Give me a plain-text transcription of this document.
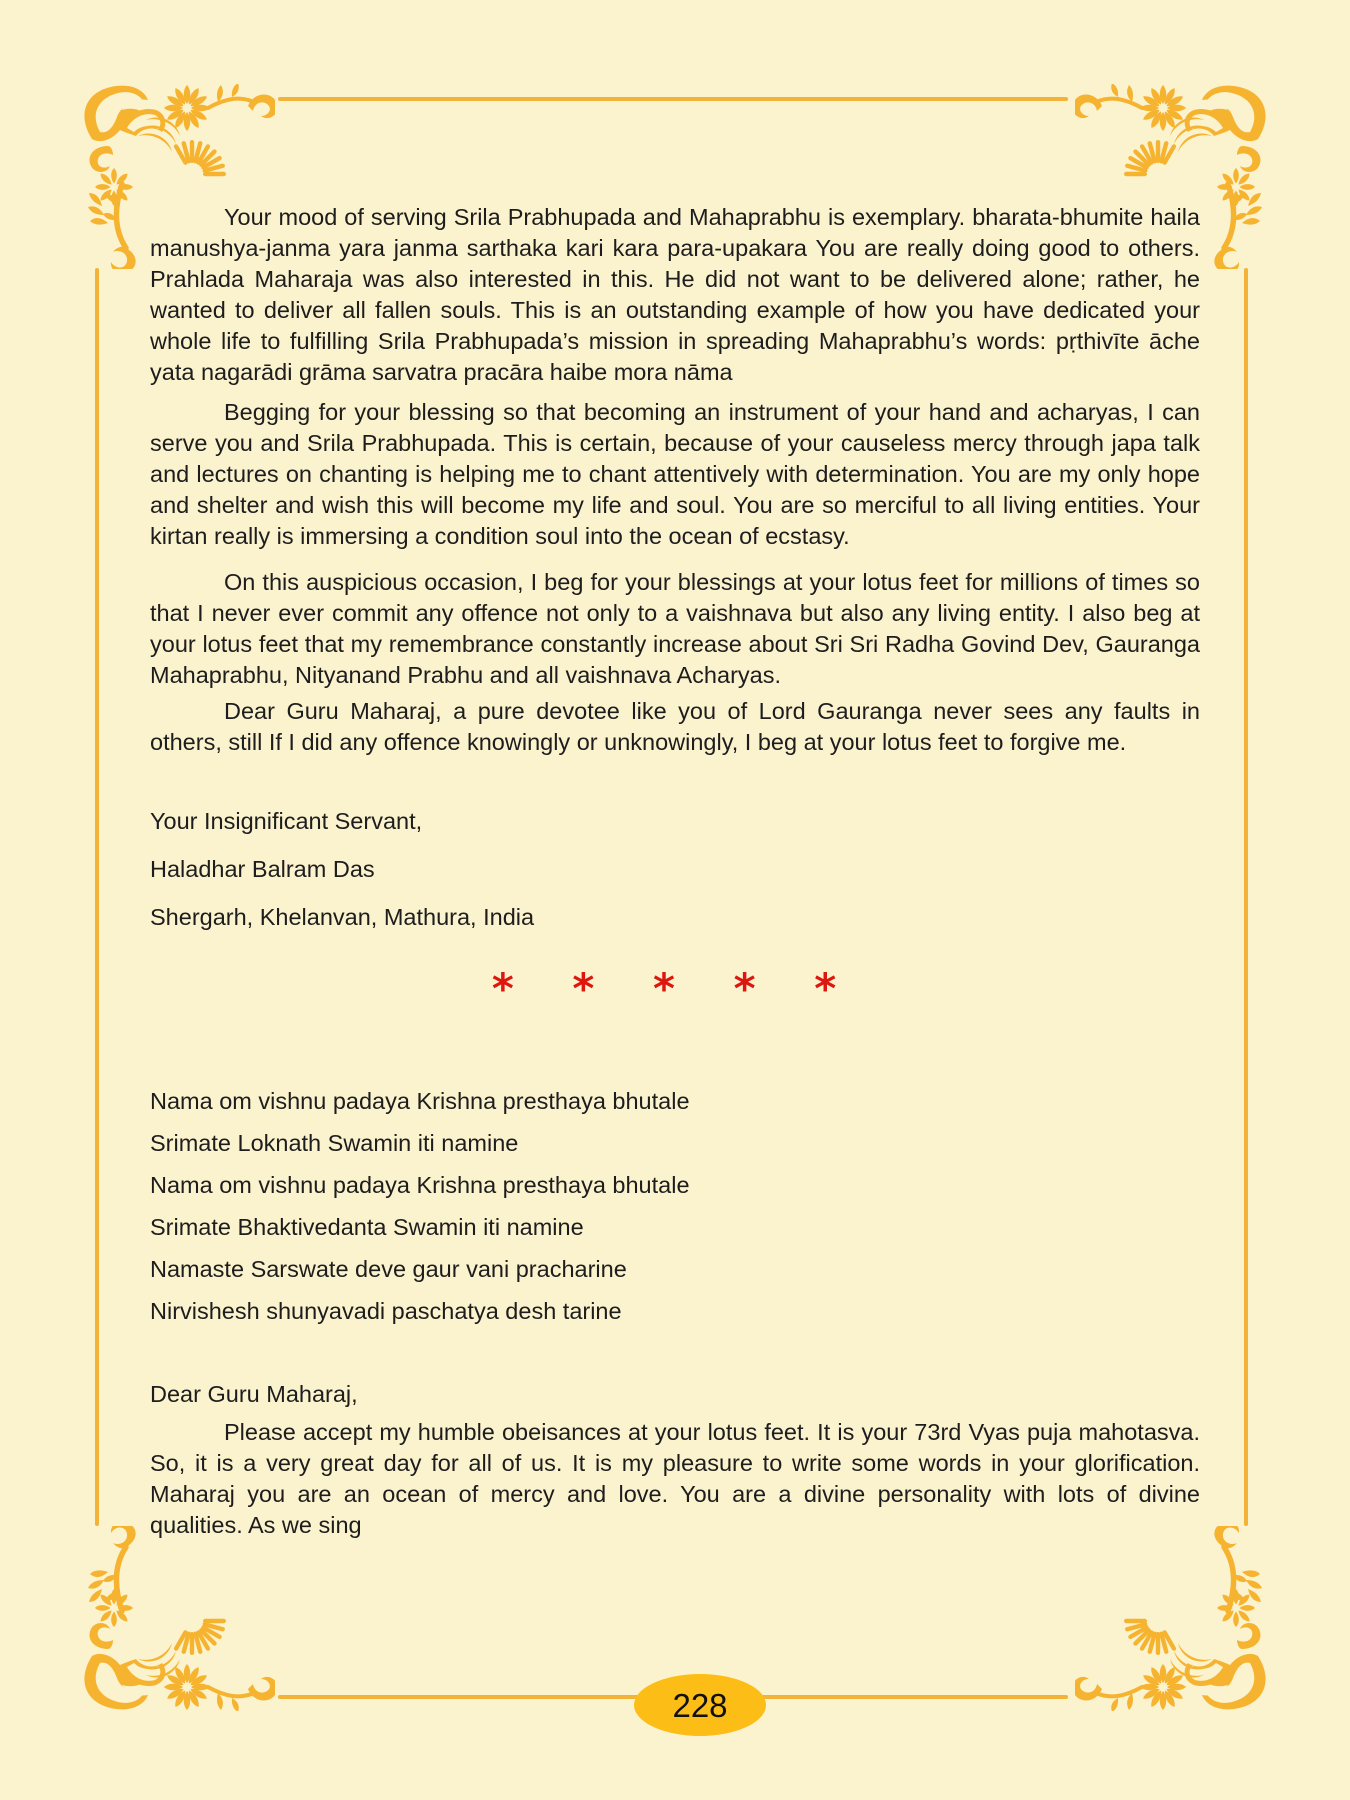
Your mood of serving Srila Prabhupada and Mahaprabhu is exemplary. bharata-bhumite haila manushya-janma yara janma sarthaka kari kara para-upakara You are really doing good to others. Prahlada Maharaja was also interested in this. He did not want to be delivered alone; rather, he wanted to deliver all fallen souls. This is an outstanding example of how you have dedicated your whole life to fulfilling Srila Prabhupada’s mission in spreading Mahaprabhu’s words: pṛthivīte āche yata nagarādi grāma sarvatra pracāra haibe mora nāma
Begging for your blessing so that becoming an instrument of your hand and acharyas, I can serve you and Srila Prabhupada. This is certain, because of your causeless mercy through japa talk and lectures on chanting is helping me to chant attentively with determination. You are my only hope and shelter and wish this will become my life and soul. You are so merciful to all living entities. Your kirtan really is immersing a condition soul into the ocean of ecstasy.
On this auspicious occasion, I beg for your blessings at your lotus feet for millions of times so that I never ever commit any offence not only to a vaishnava but also any living entity. I also beg at your lotus feet that my remembrance constantly increase about Sri Sri Radha Govind Dev, Gauranga Mahaprabhu, Nityanand Prabhu and all vaishnava Acharyas.
Dear Guru Maharaj, a pure devotee like you of Lord Gauranga never sees any faults in others, still If I did any offence knowingly or unknowingly, I beg at your lotus feet to forgive me.
Your Insignificant Servant,
Haladhar Balram Das
Shergarh, Khelanvan, Mathura, India
* * * * *
Nama om vishnu padaya Krishna presthaya bhutale
Srimate Loknath Swamin iti namine
Nama om vishnu padaya Krishna presthaya bhutale
Srimate Bhaktivedanta Swamin iti namine
Namaste Sarswate deve gaur vani pracharine
Nirvishesh shunyavadi paschatya desh tarine
Dear Guru Maharaj,
Please accept my humble obeisances at your lotus feet. It is your 73rd Vyas puja mahotasva. So, it is a very great day for all of us. It is my pleasure to write some words in your glorification. Maharaj you are an ocean of mercy and love. You are a divine personality with lots of divine qualities. As we sing
228
